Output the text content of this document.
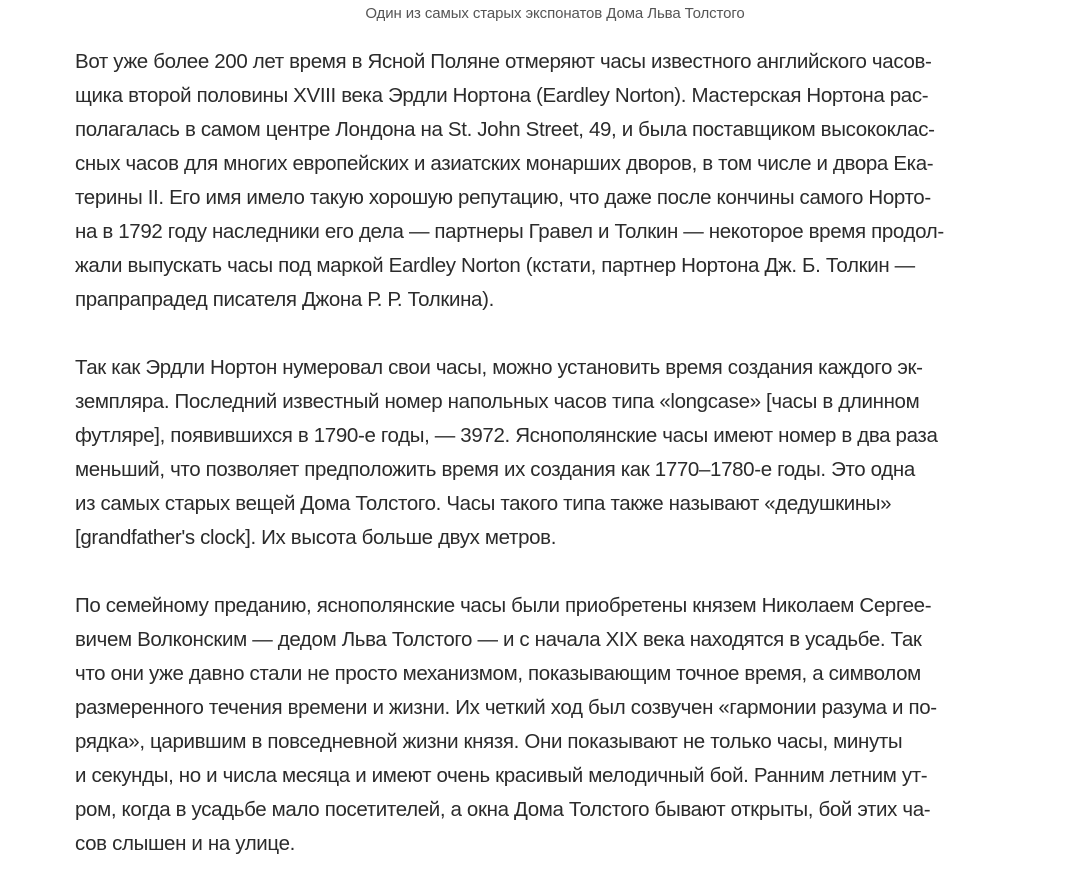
Один из самых старых экспонатов Дома Льва Толстого

Вот уже более 200 лет время в Ясной Поляне отмеряют часы известного английского часов-
щика второй половины XVIII века Эрдли Нортона (Eardley Norton). Мастерская Нортона рас-
полагалась в самом центре Лондона на St. John Street, 49, и была поставщиком высококлас-
сных часов для многих европейских и азиатских монарших дворов, в том числе и двора Ека-
терины II. Его имя имело такую хорошую репутацию, что даже после кончины самого Норто-
на в 1792 году наследники его дела — партнеры Гравел и Толкин — некоторое время продол-
жали выпускать часы под маркой Eardley Norton (кстати, партнер Нортона Дж. Б. Толкин —
прапрапрадед писателя Джона Р. Р. Толкина).

Так как Эрдли Нортон нумеровал свои часы, можно установить время создания каждого эк-
земпляра. Последний известный номер напольных часов типа «longcase» [часы в длинном
футляре], появившихся в 1790-е годы, — 3972. Яснополянские часы имеют номер в два раза
меньший, что позволяет предположить время их создания как 1770–1780-е годы. Это одна
из самых старых вещей Дома Толстого. Часы такого типа также называют «дедушкины»
[grandfather's clock]. Их высота больше двух метров.

По семейному преданию, яснополянские часы были приобретены князем Николаем Сергее-
вичем Волконским — дедом Льва Толстого — и с начала XIX века находятся в усадьбе. Так
что они уже давно стали не просто механизмом, показывающим точное время, а символом
размеренного течения времени и жизни. Их четкий ход был созвучен «гармонии разума и по-
рядка», царившим в повседневной жизни князя. Они показывают не только часы, минуты
и секунды, но и числа месяца и имеют очень красивый мелодичный бой. Ранним летним ут-
ром, когда в усадьбе мало посетителей, а окна Дома Толстого бывают открыты, бой этих ча-
сов слышен и на улице.
